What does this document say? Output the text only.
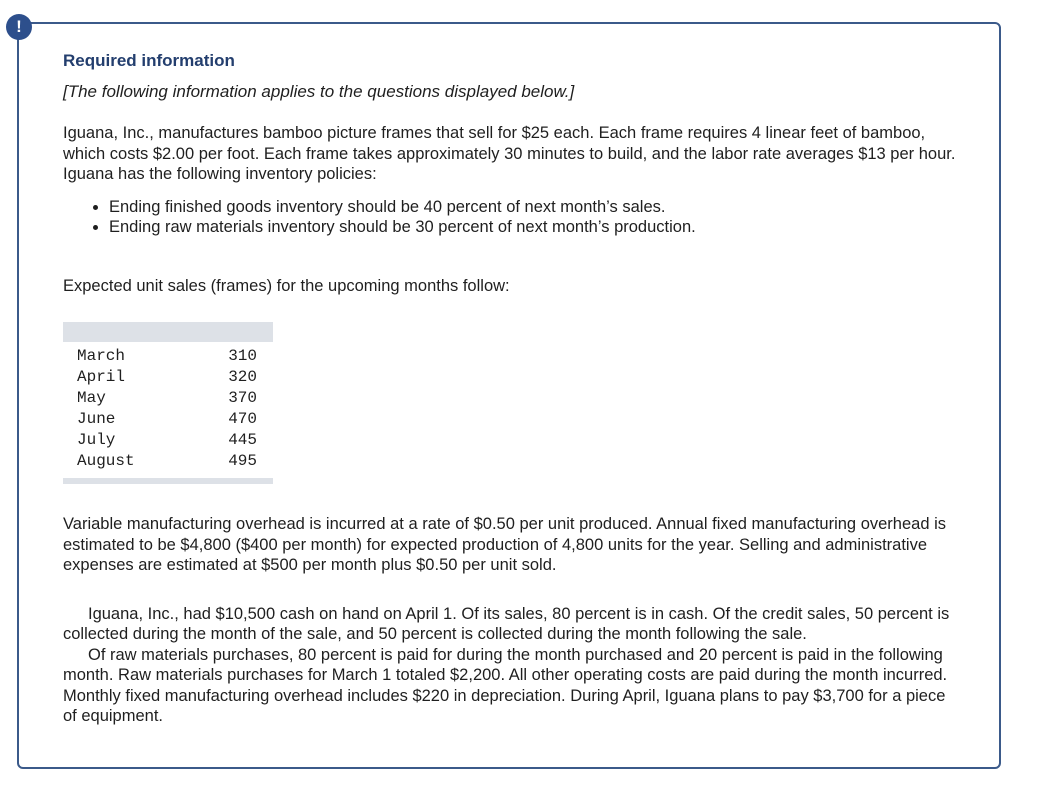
!
Required information

[The following information applies to the questions displayed below.]

Iguana, Inc., manufactures bamboo picture frames that sell for $25 each. Each frame requires 4 linear feet of bamboo, which costs $2.00 per foot. Each frame takes approximately 30 minutes to build, and the labor rate averages $13 per hour. Iguana has the following inventory policies:

• Ending finished goods inventory should be 40 percent of next month’s sales.
• Ending raw materials inventory should be 30 percent of next month’s production.

Expected unit sales (frames) for the upcoming months follow:

March	310
April	320
May	370
June	470
July	445
August	495

Variable manufacturing overhead is incurred at a rate of $0.50 per unit produced. Annual fixed manufacturing overhead is estimated to be $4,800 ($400 per month) for expected production of 4,800 units for the year. Selling and administrative expenses are estimated at $500 per month plus $0.50 per unit sold.

Iguana, Inc., had $10,500 cash on hand on April 1. Of its sales, 80 percent is in cash. Of the credit sales, 50 percent is collected during the month of the sale, and 50 percent is collected during the month following the sale.

Of raw materials purchases, 80 percent is paid for during the month purchased and 20 percent is paid in the following month. Raw materials purchases for March 1 totaled $2,200. All other operating costs are paid during the month incurred. Monthly fixed manufacturing overhead includes $220 in depreciation. During April, Iguana plans to pay $3,700 for a piece of equipment.
